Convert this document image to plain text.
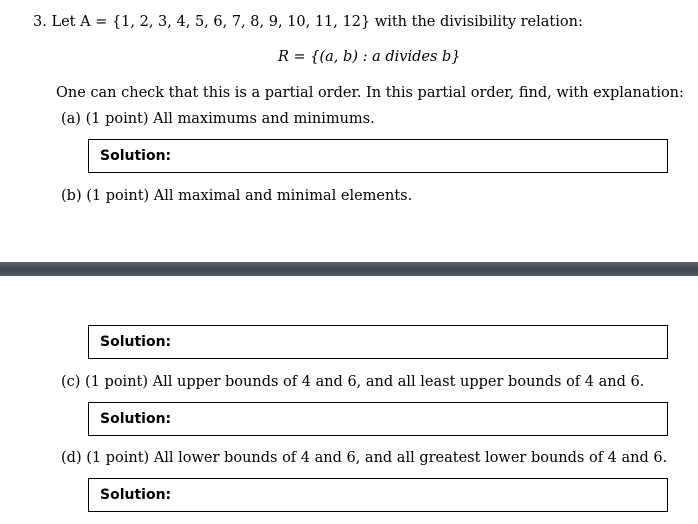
3. Let A = {1, 2, 3, 4, 5, 6, 7, 8, 9, 10, 11, 12} with the divisibility relation:
R = {(a, b) : a divides b}
One can check that this is a partial order. In this partial order, find, with explanation:
(a) (1 point) All maximums and minimums.
Solution:
(b) (1 point) All maximal and minimal elements.
Solution:
(c) (1 point) All upper bounds of 4 and 6, and all least upper bounds of 4 and 6.
Solution:
(d) (1 point) All lower bounds of 4 and 6, and all greatest lower bounds of 4 and 6.
Solution:
